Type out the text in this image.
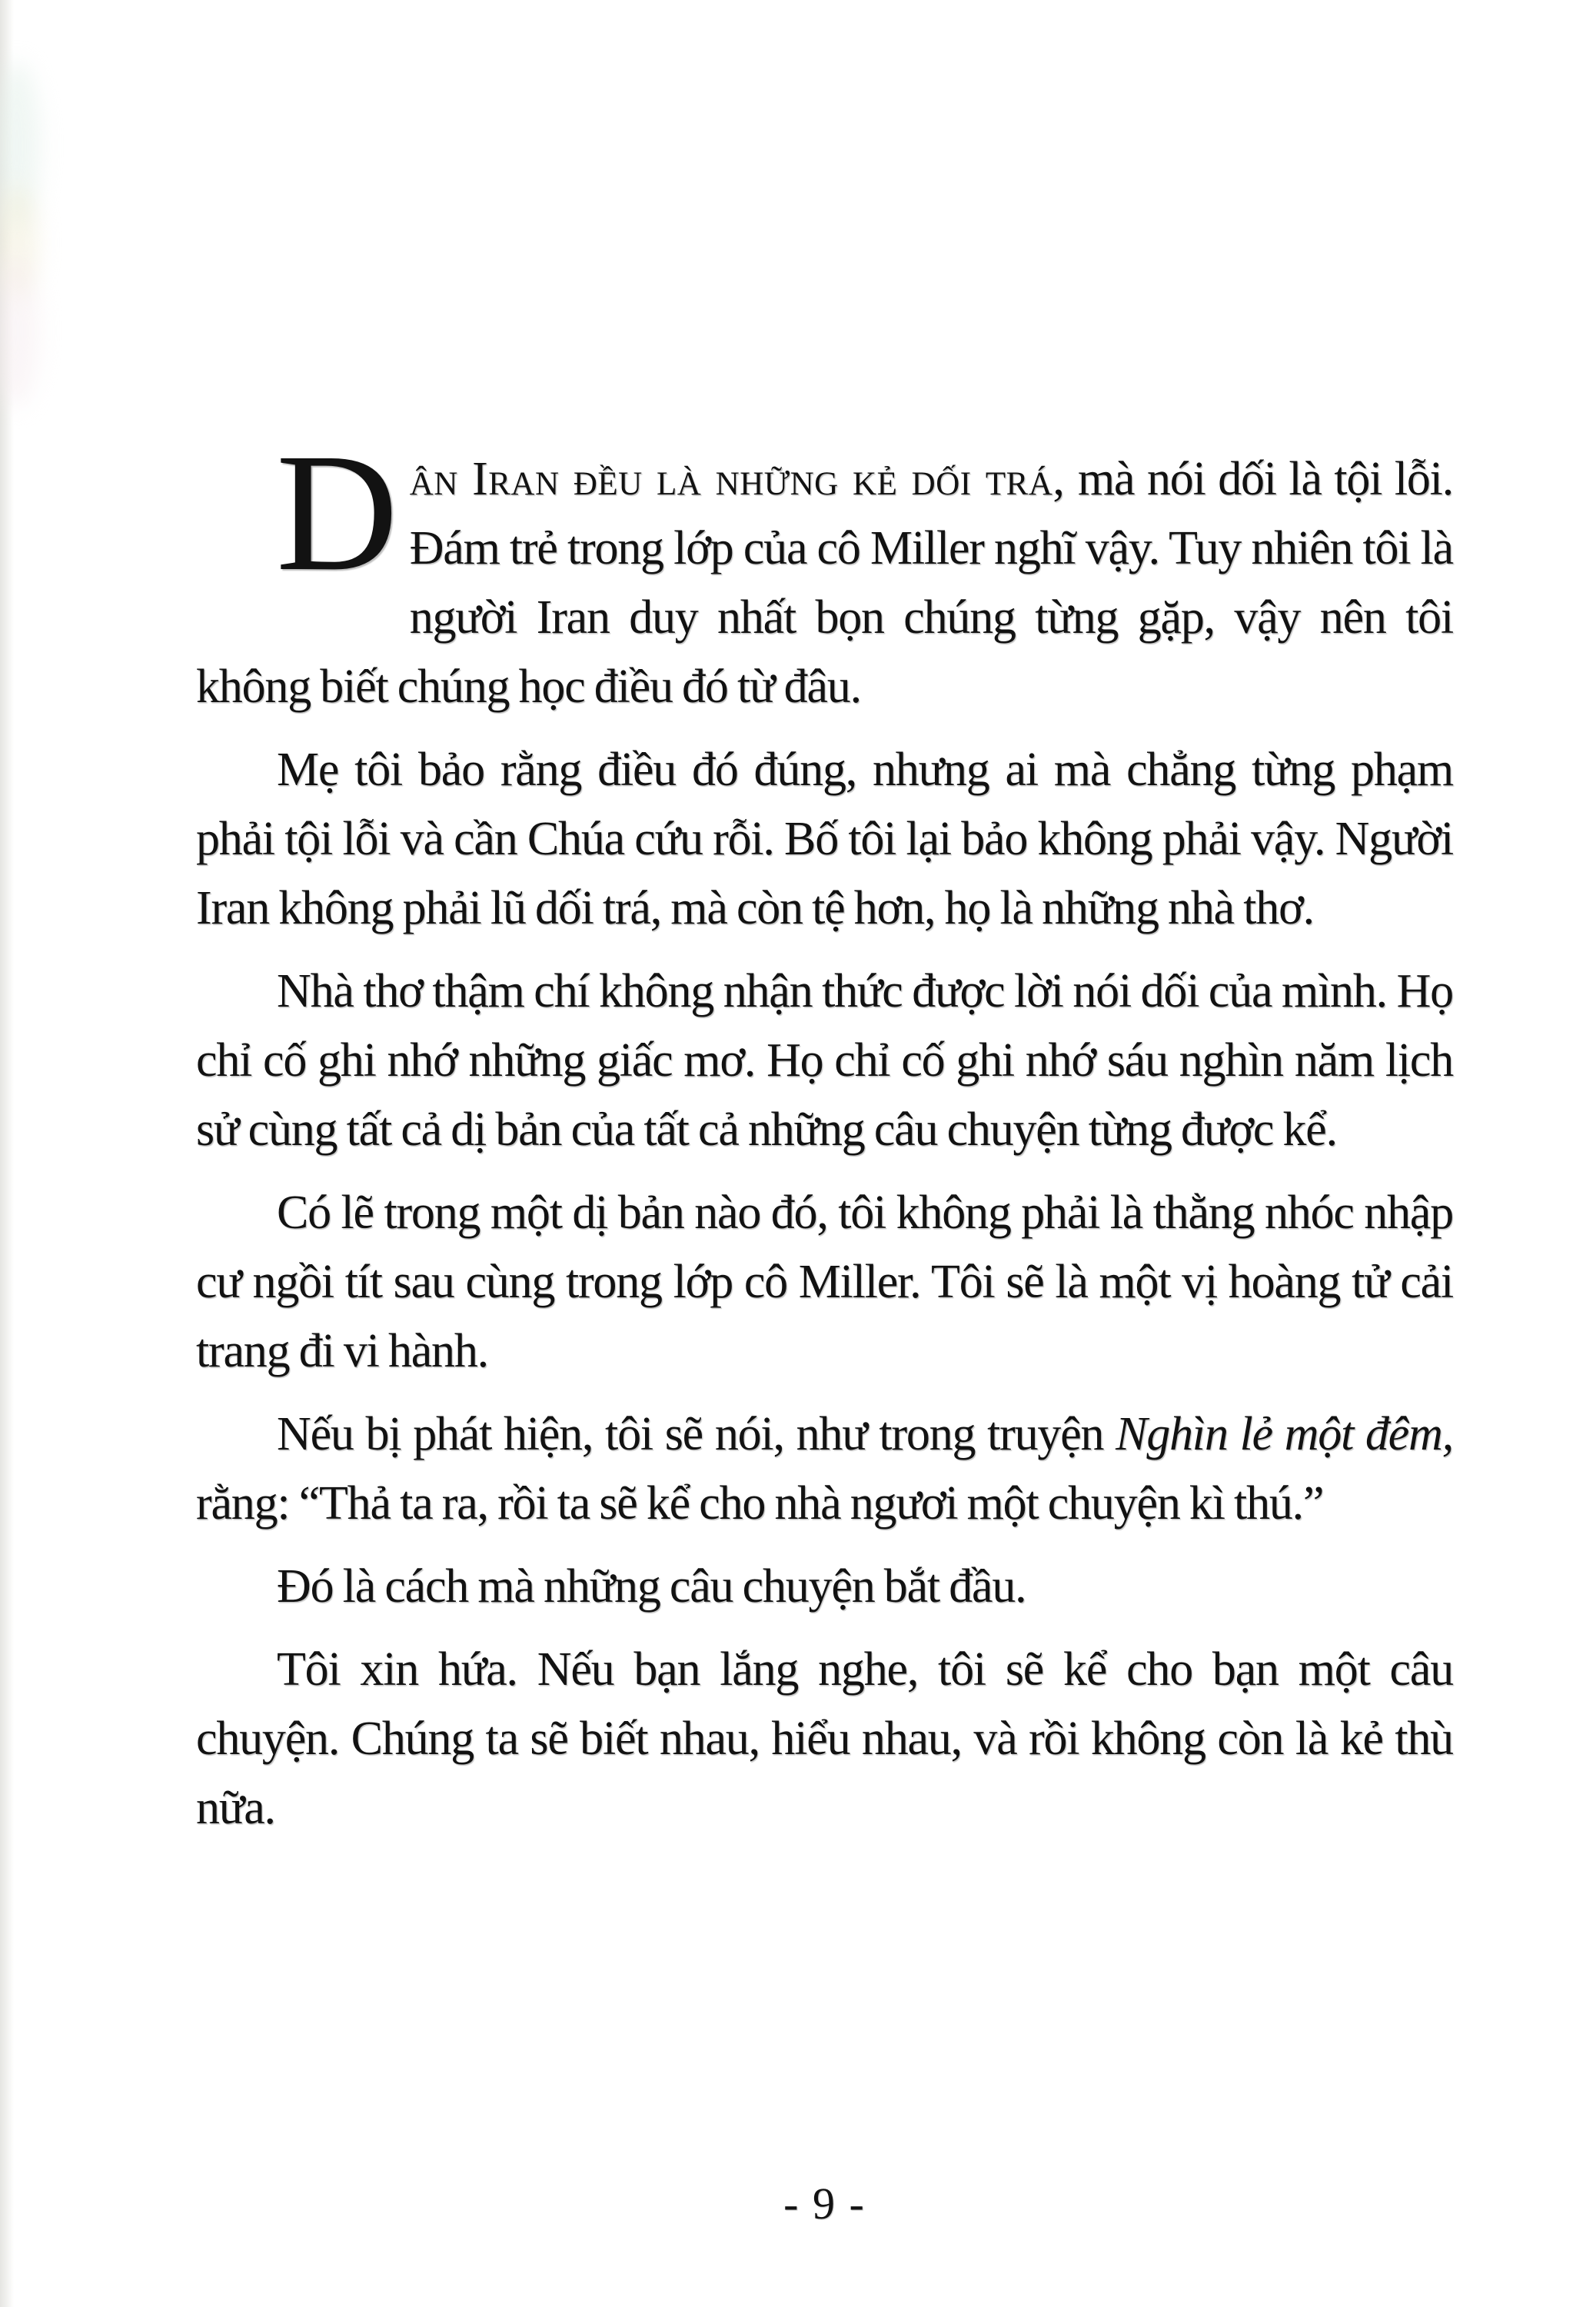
Dân Iran đều là những kẻ dối trá, mà nói dối là tội lỗi. Đám trẻ trong lớp của cô Miller nghĩ vậy. Tuy nhiên tôi là người Iran duy nhất bọn chúng từng gặp, vậy nên tôi không biết chúng học điều đó từ đâu.

Mẹ tôi bảo rằng điều đó đúng, nhưng ai mà chẳng từng phạm phải tội lỗi và cần Chúa cứu rỗi. Bố tôi lại bảo không phải vậy. Người Iran không phải lũ dối trá, mà còn tệ hơn, họ là những nhà thơ.

Nhà thơ thậm chí không nhận thức được lời nói dối của mình. Họ chỉ cố ghi nhớ những giấc mơ. Họ chỉ cố ghi nhớ sáu nghìn năm lịch sử cùng tất cả dị bản của tất cả những câu chuyện từng được kể.

Có lẽ trong một dị bản nào đó, tôi không phải là thằng nhóc nhập cư ngồi tít sau cùng trong lớp cô Miller. Tôi sẽ là một vị hoàng tử cải trang đi vi hành.

Nếu bị phát hiện, tôi sẽ nói, như trong truyện Nghìn lẻ một đêm, rằng: “Thả ta ra, rồi ta sẽ kể cho nhà ngươi một chuyện kì thú.”

Đó là cách mà những câu chuyện bắt đầu.

Tôi xin hứa. Nếu bạn lắng nghe, tôi sẽ kể cho bạn một câu chuyện. Chúng ta sẽ biết nhau, hiểu nhau, và rồi không còn là kẻ thù nữa.

- 9 -
